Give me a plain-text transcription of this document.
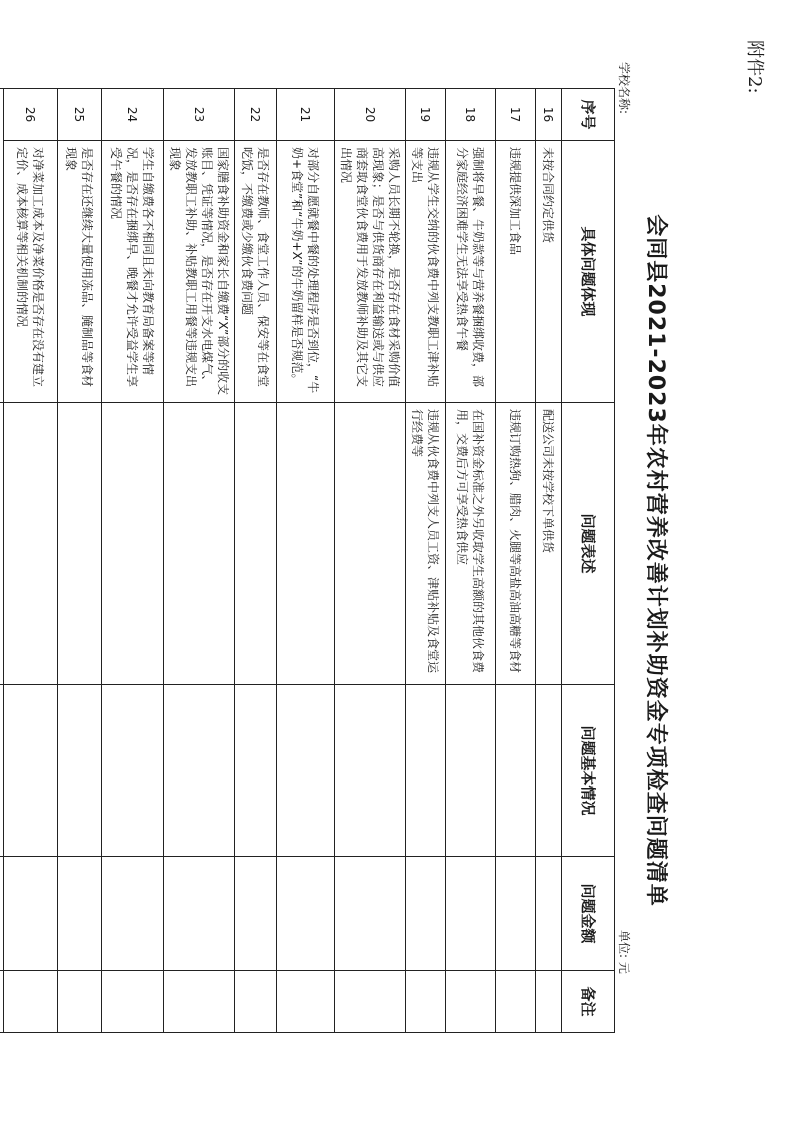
附件2:
会同县2021-2023年农村营养改善计划补助资金专项检查问题清单
学校名称:
单位: 元
序号	具体问题体现	问题表述	问题基本情况	问题金额	备注
16	未按合同约定供货	配送公司未按学校下单供货			
17	违规提供深加工食品	违规订购热狗、腊肉、火腿等高盐高油高糖等食材			
18	强制将早餐、牛奶款等与营养餐捆绑收费，部分家庭经济困难学生无法享受热食午餐	在国补资金标准之外另收取学生高额的其他伙食费用，交费后方可享受热食供应			
19	违规从学生交纳的伙食费中列支教职工津补贴等支出	违规从伙食费中列支人员工资、津贴补贴及食堂运行经费等			
20	采购人员长期不轮换，是否存在食材采购价值高现象；是否与供货商存在利益输送或与供应商套取食堂伙食费用于发放教师补助及其它支出情况				
21	对部分自愿就餐中餐的处理程序是否到位，“牛奶+食堂”和“牛奶+X”的牛奶留样是否规范。				
22	是否存在教师、食堂工作人员、保安等在食堂吃饭，不缴费或少缴伙食费问题				
23	国家膳食补助资金和家长自缴费“X”部分的收支账目、凭证等情况，是否存在开支水电煤气、发放教职工补助、补贴教职工用餐等违规支出现象				
24	学生自缴费各不相同且未向教育局备案等情况，是否存在捆绑早、晚餐才允许受益学生享受午餐的情况				
25	是否存在还继续大量使用冻品、腌制品等食材现象				
26	对净菜加工成本及净菜价格是否存在没有建立定价、成本核算等相关机制的情况				
